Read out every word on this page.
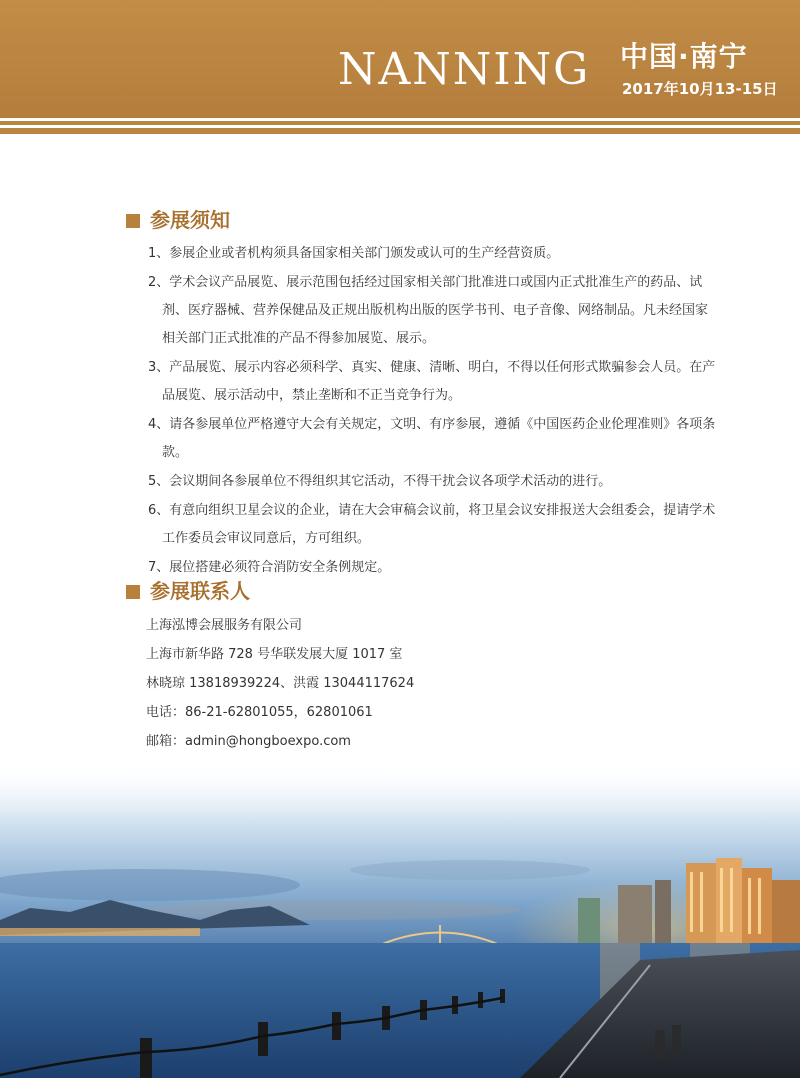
NANNING 中国·南宁
2017年10月13-15日
参展须知
1、参展企业或者机构须具备国家相关部门颁发或认可的生产经营资质。
2、学术会议产品展览、展示范围包括经过国家相关部门批准进口或国内正式批准生产的药品、试剂、医疗器械、营养保健品及正规出版机构出版的医学书刊、电子音像、网络制品。凡未经国家相关部门正式批准的产品不得参加展览、展示。
3、产品展览、展示内容必须科学、真实、健康、清晰、明白，不得以任何形式欺骗参会人员。在产品展览、展示活动中，禁止垄断和不正当竞争行为。
4、请各参展单位严格遵守大会有关规定，文明、有序参展，遵循《中国医药企业伦理准则》各项条款。
5、会议期间各参展单位不得组织其它活动，不得干扰会议各项学术活动的进行。
6、有意向组织卫星会议的企业，请在大会审稿会议前，将卫星会议安排报送大会组委会，提请学术工作委员会审议同意后，方可组织。
7、展位搭建必须符合消防安全条例规定。
参展联系人
上海泓博会展服务有限公司
上海市新华路 728 号华联发展大厦 1017 室
林晓琼 13818939224、洪霞 13044117624
电话：86-21-62801055，62801061
邮箱：admin@hongboexpo.com
